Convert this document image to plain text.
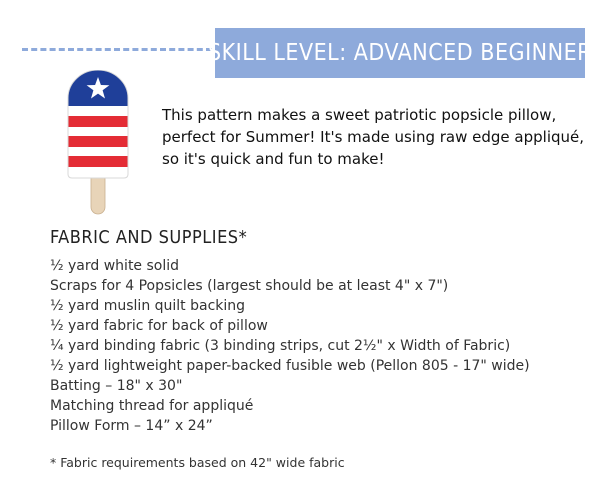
SKILL LEVEL: ADVANCED BEGINNER
This pattern makes a sweet patriotic popsicle pillow, perfect for Summer! It's made using raw edge appliqué, so it's quick and fun to make!
FABRIC AND SUPPLIES*
½ yard white solid
Scraps for 4 Popsicles (largest should be at least 4" x 7")
½ yard muslin quilt backing
½ yard fabric for back of pillow
¼ yard binding fabric (3 binding strips, cut 2½" x Width of Fabric)
½ yard lightweight paper-backed fusible web (Pellon 805 - 17" wide)
Batting – 18" x 30"
Matching thread for appliqué
Pillow Form – 14” x 24”
* Fabric requirements based on 42" wide fabric
